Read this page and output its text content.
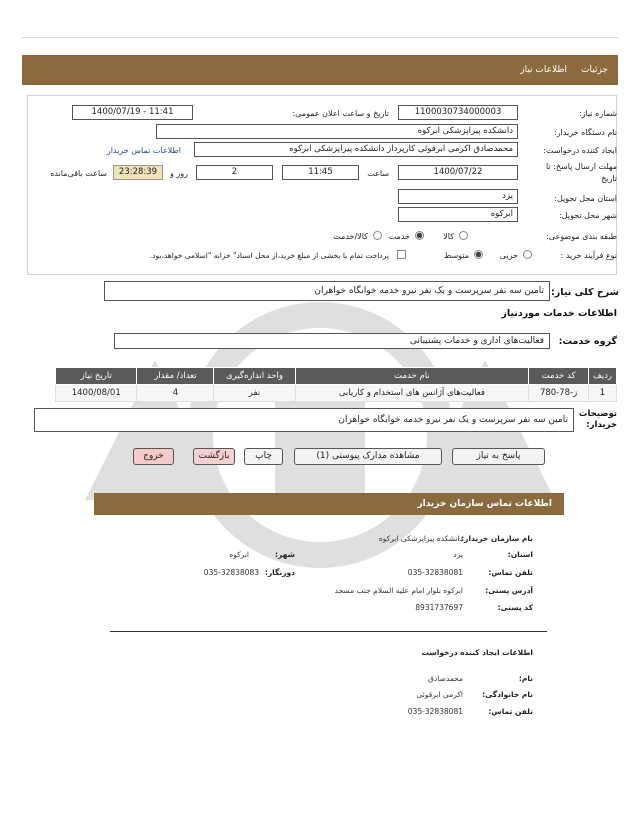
جزئیات
اطلاعات نیاز
شماره نیاز:
1100030734000003
تاریخ و ساعت اعلان عمومی:
1400/07/19 - 11:41
نام دستگاه خریدار:
دانشکده پیراپزشکی ابرکوه
ایجاد کننده درخواست:
محمدصادق اکرمی ابرقوئی کارپرداز دانشکده پیراپزشکی ابرکوه
اطلاعات تماس خریدار
مهلت ارسال پاسخ: تا
تاریخ
1400/07/22
ساعت
11:45
2
روز و
23:28:39
ساعت باقی‌مانده
استان محل تحویل:
یزد
شهر محل تحویل:
ابرکوه
طبقه بندی موضوعی:
کالا
خدمت
کالا/خدمت
نوع فرآیند خرید :
جزیی
متوسط
پرداخت تمام یا بخشی از مبلغ خرید،از محل اسناد" خزانه "اسلامی خواهد،بود.
شرح کلی نیاز:
تامین سه نفر سرپرست و یک نفر نیرو خدمه خوابگاه خواهران
اطلاعات خدمات مورد‌نیاز
گروه خدمت:
فعالیت‌های اداری و خدمات پشتیبانی
ردیف	کد خدمت	نام خدمت	واحد اندازه‌گیری	تعداد/ مقدار	تاریخ نیاز
1	ز-78-780	فعالیت‌های آژانس های استخدام و کاریابی	نفر	4	1400/08/01
توضیحات خریدار:
تامین سه نفر سرپرست و یک نفر نیرو خدمه خوابگاه خواهران
پاسخ به نیاز
مشاهده مدارک پیوستی (1)
چاپ
بازگشت
خروج
اطلاعات تماس سازمان خریدار
نام سازمان خریدار:
دانشکده پیراپزشکی ابرکوه
استان:
یزد
شهر:
ابرکوه
تلفن تماس:
035-32838081
دورنگار:
035-32838083
آدرس پستی:
ابرکوه بلوار امام علیه السلام جنب مسجد
کد پستی:
8931737697
اطلاعات ایجاد کننده درخواست
نام:
محمدصادق
نام خانوادگی:
اکرمی ابرقوئی
تلفن تماس:
035-32838081
